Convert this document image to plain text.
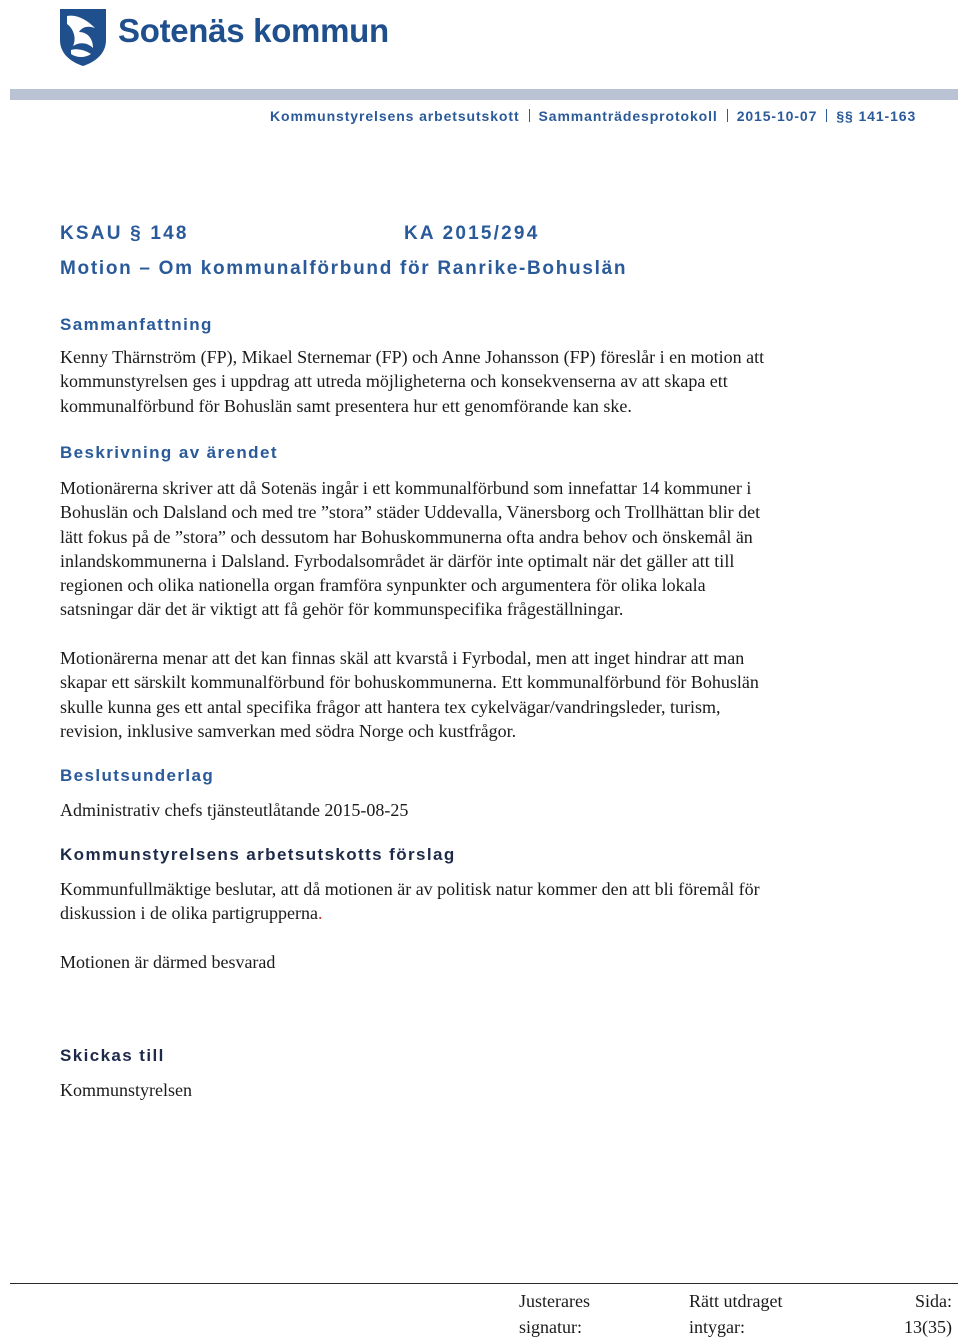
Sotenäs kommun
Kommunstyrelsens arbetsutskott Sammanträdesprotokoll 2015-10-07 §§ 141-163
KSAU § 148	KA 2015/294
Motion – Om kommunalförbund för Ranrike-Bohuslän
Sammanfattning
Kenny Thärnström (FP), Mikael Sternemar (FP) och Anne Johansson (FP) föreslår i en motion att
kommunstyrelsen ges i uppdrag att utreda möjligheterna och konsekvenserna av att skapa ett
kommunalförbund för Bohuslän samt presentera hur ett genomförande kan ske.
Beskrivning av ärendet
Motionärerna skriver att då Sotenäs ingår i ett kommunalförbund som innefattar 14 kommuner i
Bohuslän och Dalsland och med tre ”stora” städer Uddevalla, Vänersborg och Trollhättan blir det
lätt fokus på de ”stora” och dessutom har Bohuskommunerna ofta andra behov och önskemål än
inlandskommunerna i Dalsland. Fyrbodalsområdet är därför inte optimalt när det gäller att till
regionen och olika nationella organ framföra synpunkter och argumentera för olika lokala
satsningar där det är viktigt att få gehör för kommunspecifika frågeställningar.
Motionärerna menar att det kan finnas skäl att kvarstå i Fyrbodal, men att inget hindrar att man
skapar ett särskilt kommunalförbund för bohuskommunerna. Ett kommunalförbund för Bohuslän
skulle kunna ges ett antal specifika frågor att hantera tex cykelvägar/vandringsleder, turism,
revision, inklusive samverkan med södra Norge och kustfrågor.
Beslutsunderlag
Administrativ chefs tjänsteutlåtande 2015-08-25
Kommunstyrelsens arbetsutskotts förslag
Kommunfullmäktige beslutar, att då motionen är av politisk natur kommer den att bli föremål för
diskussion i de olika partigrupperna.
Motionen är därmed besvarad
Skickas till
Kommunstyrelsen
Justerares
signatur:
Rätt utdraget
intygar:
Sida:
13(35)
